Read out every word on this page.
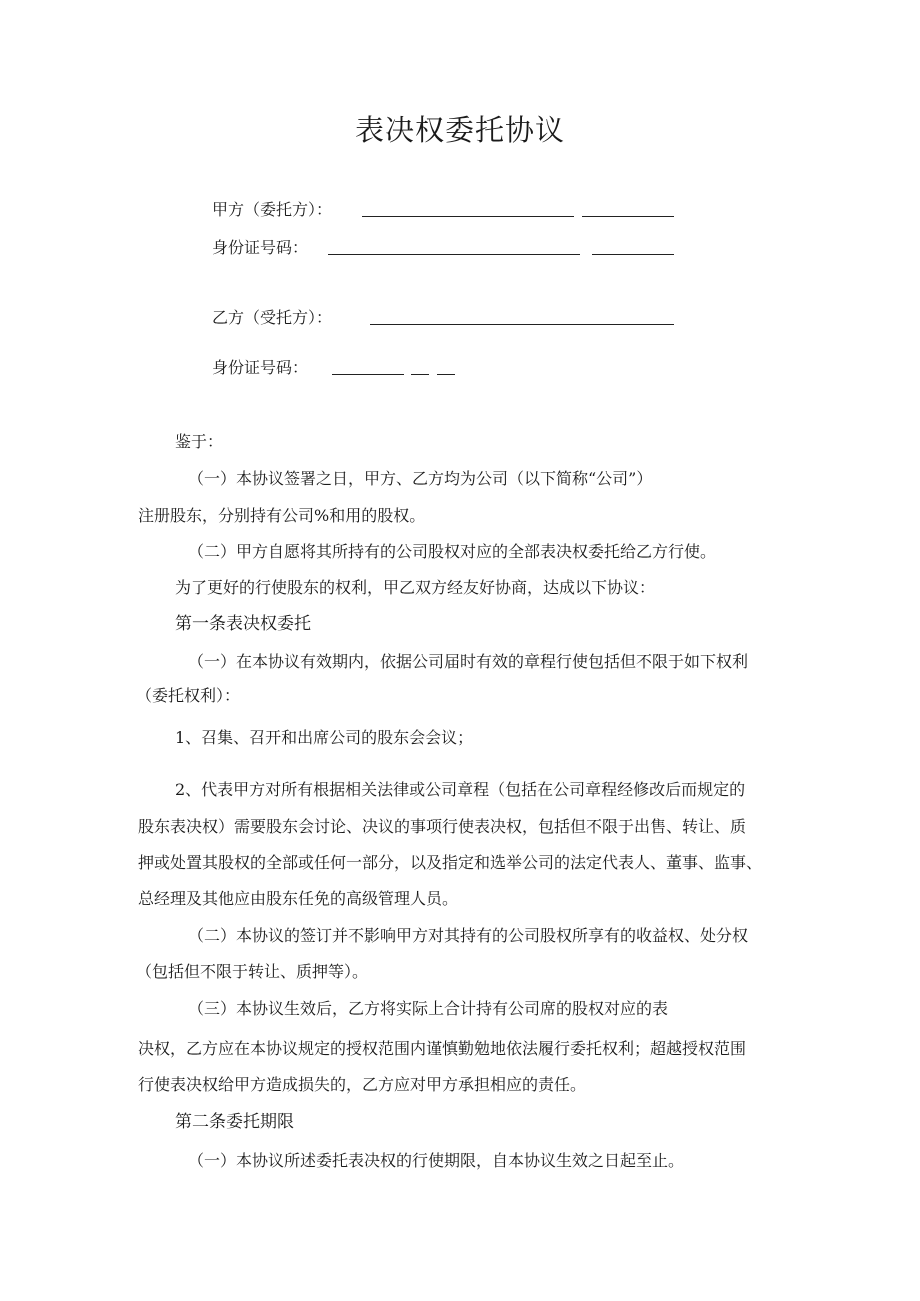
表决权委托协议
甲方（委托方）：
身份证号码：
乙方（受托方）：
身份证号码：
鉴于：
（一）本协议签署之日，甲方、乙方均为公司（以下简称“公司”）
注册股东，分别持有公司%和用的股权。
（二）甲方自愿将其所持有的公司股权对应的全部表决权委托给乙方行使。
为了更好的行使股东的权利，甲乙双方经友好协商，达成以下协议：
第一条表决权委托
（一）在本协议有效期内，依据公司届时有效的章程行使包括但不限于如下权利
（委托权利）：
1、召集、召开和出席公司的股东会会议；
2、代表甲方对所有根据相关法律或公司章程（包括在公司章程经修改后而规定的
股东表决权）需要股东会讨论、决议的事项行使表决权，包括但不限于出售、转让、质
押或处置其股权的全部或任何一部分，以及指定和选举公司的法定代表人、董事、监事、
总经理及其他应由股东任免的高级管理人员。
（二）本协议的签订并不影响甲方对其持有的公司股权所享有的收益权、处分权
（包括但不限于转让、质押等）。
（三）本协议生效后，乙方将实际上合计持有公司席的股权对应的表
决权，乙方应在本协议规定的授权范围内谨慎勤勉地依法履行委托权利；超越授权范围
行使表决权给甲方造成损失的，乙方应对甲方承担相应的责任。
第二条委托期限
（一）本协议所述委托表决权的行使期限，自本协议生效之日起至止。
